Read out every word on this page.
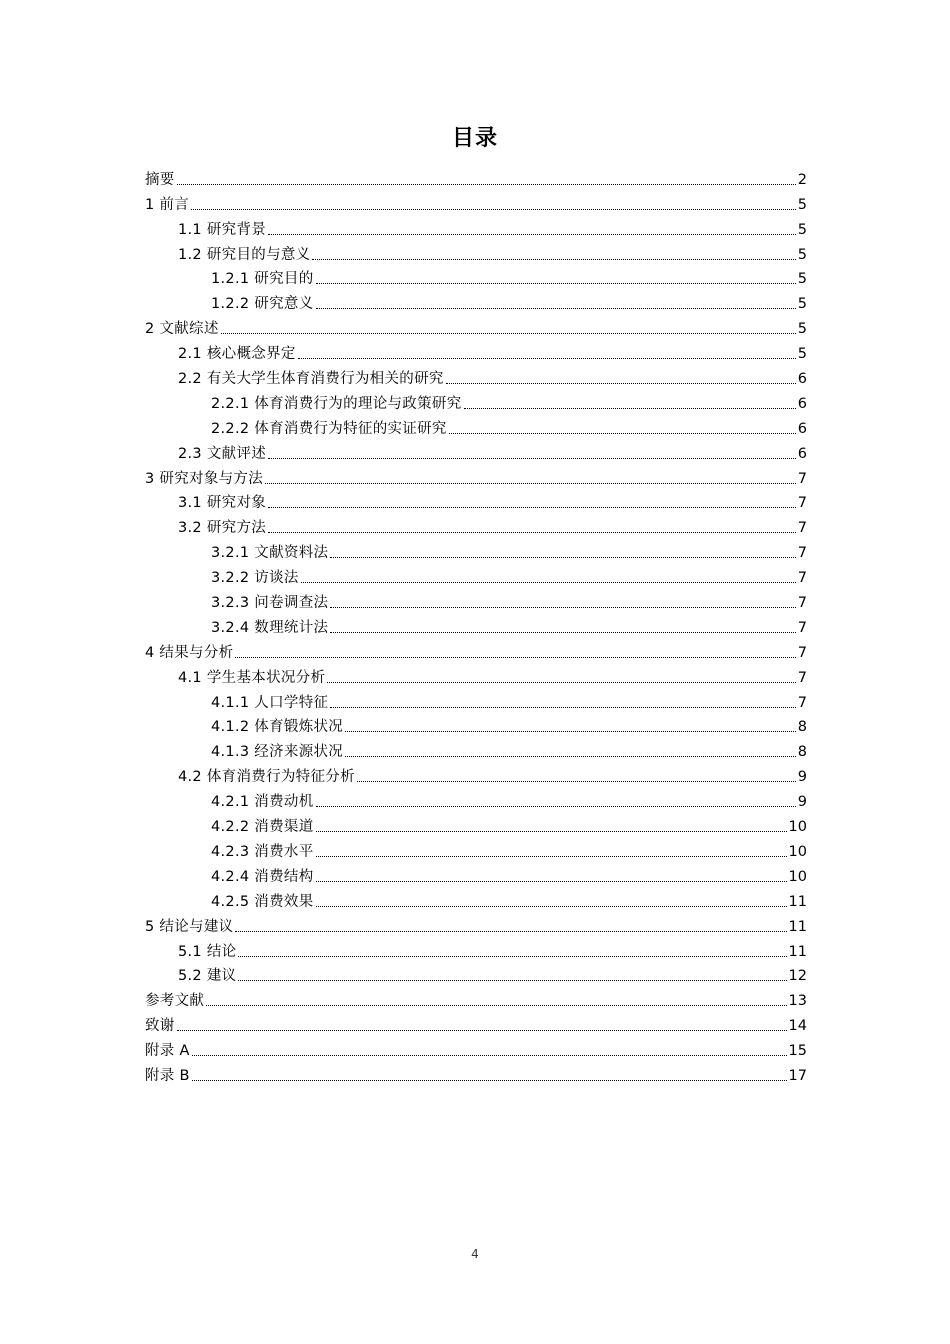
目录
摘要	2
1 前言	5
1.1 研究背景	5
1.2 研究目的与意义	5
1.2.1 研究目的	5
1.2.2 研究意义	5
2 文献综述	5
2.1 核心概念界定	5
2.2 有关大学生体育消费行为相关的研究	6
2.2.1 体育消费行为的理论与政策研究	6
2.2.2 体育消费行为特征的实证研究	6
2.3 文献评述	6
3 研究对象与方法	7
3.1 研究对象	7
3.2 研究方法	7
3.2.1 文献资料法	7
3.2.2 访谈法	7
3.2.3 问卷调查法	7
3.2.4 数理统计法	7
4 结果与分析	7
4.1 学生基本状况分析	7
4.1.1 人口学特征	7
4.1.2 体育锻炼状况	8
4.1.3 经济来源状况	8
4.2 体育消费行为特征分析	9
4.2.1 消费动机	9
4.2.2 消费渠道	10
4.2.3 消费水平	10
4.2.4 消费结构	10
4.2.5 消费效果	11
5 结论与建议	11
5.1 结论	11
5.2 建议	12
参考文献	13
致谢	14
附录 A	15
附录 B	17
4
